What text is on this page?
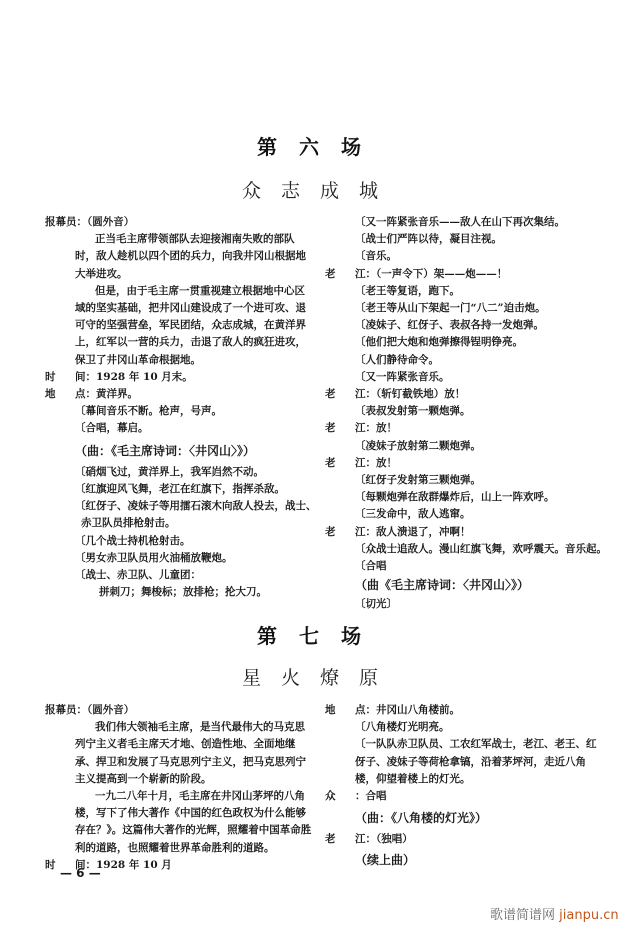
第六场
众志成城
报幕员：（圆外音）
正当毛主席带领部队去迎接湘南失败的部队
时，敌人趁机以四个团的兵力，向我井冈山根据地
大举进攻。
但是，由于毛主席一贯重视建立根据地中心区
域的坚实基础，把井冈山建设成了一个进可攻、退
可守的坚强营垒，军民团结，众志成城，在黄洋界
上，红军以一营的兵力，击退了敌人的疯狂进攻，
保卫了井冈山革命根据地。
时 间：1928 年 10 月末。
地 点：黄洋界。
〔幕间音乐不断。枪声，号声。
〔合唱，幕启。
（曲：《毛主席诗词：〈井冈山〉》）
〔硝烟飞过，黄洋界上，我军岿然不动。
〔红旗迎风飞舞，老江在红旗下，指挥杀敌。
〔红伢子、凌妹子等用擂石滚木向敌人投去，战士、
赤卫队员排枪射击。
〔几个战士持机枪射击。
〔男女赤卫队员用火油桶放鞭炮。
〔战士、赤卫队、儿童团：
拼刺刀；舞梭标；放排枪；抡大刀。
〔又一阵紧张音乐——敌人在山下再次集结。
〔战士们严阵以待，凝目注视。
〔音乐。
老 江：（一声令下）架——炮——！
〔老王等复语，跑下。
〔老王等从山下架起一门“八二”迫击炮。
〔凌妹子、红伢子、表叔各持一发炮弹。
〔他们把大炮和炮弹擦得锃明铮亮。
〔人们静待命令。
〔又一阵紧张音乐。
老 江：（斩钉截铁地）放！
〔表叔发射第一颗炮弹。
老 江：放！
〔凌妹子放射第二颗炮弹。
老 江：放！
〔红伢子发射第三颗炮弹。
〔每颗炮弹在敌群爆炸后，山上一阵欢呼。
〔三发命中，敌人逃窜。
老 江：敌人溃退了，冲啊！
〔众战士追敌人。漫山红旗飞舞，欢呼震天。音乐起。
〔合唱
（曲《毛主席诗词：〈井冈山〉》）
〔切光〕
第七场
星火燎原
报幕员：（圆外音）
我们伟大领袖毛主席，是当代最伟大的马克思
列宁主义者毛主席天才地、创造性地、全面地继
承、捍卫和发展了马克思列宁主义，把马克思列宁
主义提高到一个崭新的阶段。
一九二八年十月，毛主席在井冈山茅坪的八角
楼，写下了伟大著作《中国的红色政权为什么能够
存在？》。这篇伟大著作的光辉，照耀着中国革命胜
利的道路，也照耀着世界革命胜利的道路。
时 间：1928 年 10 月
地 点：井冈山八角楼前。
〔八角楼灯光明亮。
〔一队队赤卫队员、工农红军战士，老江、老王、红
伢子、凌妹子等荷枪拿镐，沿着茅坪河，走近八角
楼，仰望着楼上的灯光。
众 ：合唱
（曲：《八角楼的灯光》）
老 江：（独唱）
（续上曲）
— 6 —
歌谱简谱网 jianpu.cn
